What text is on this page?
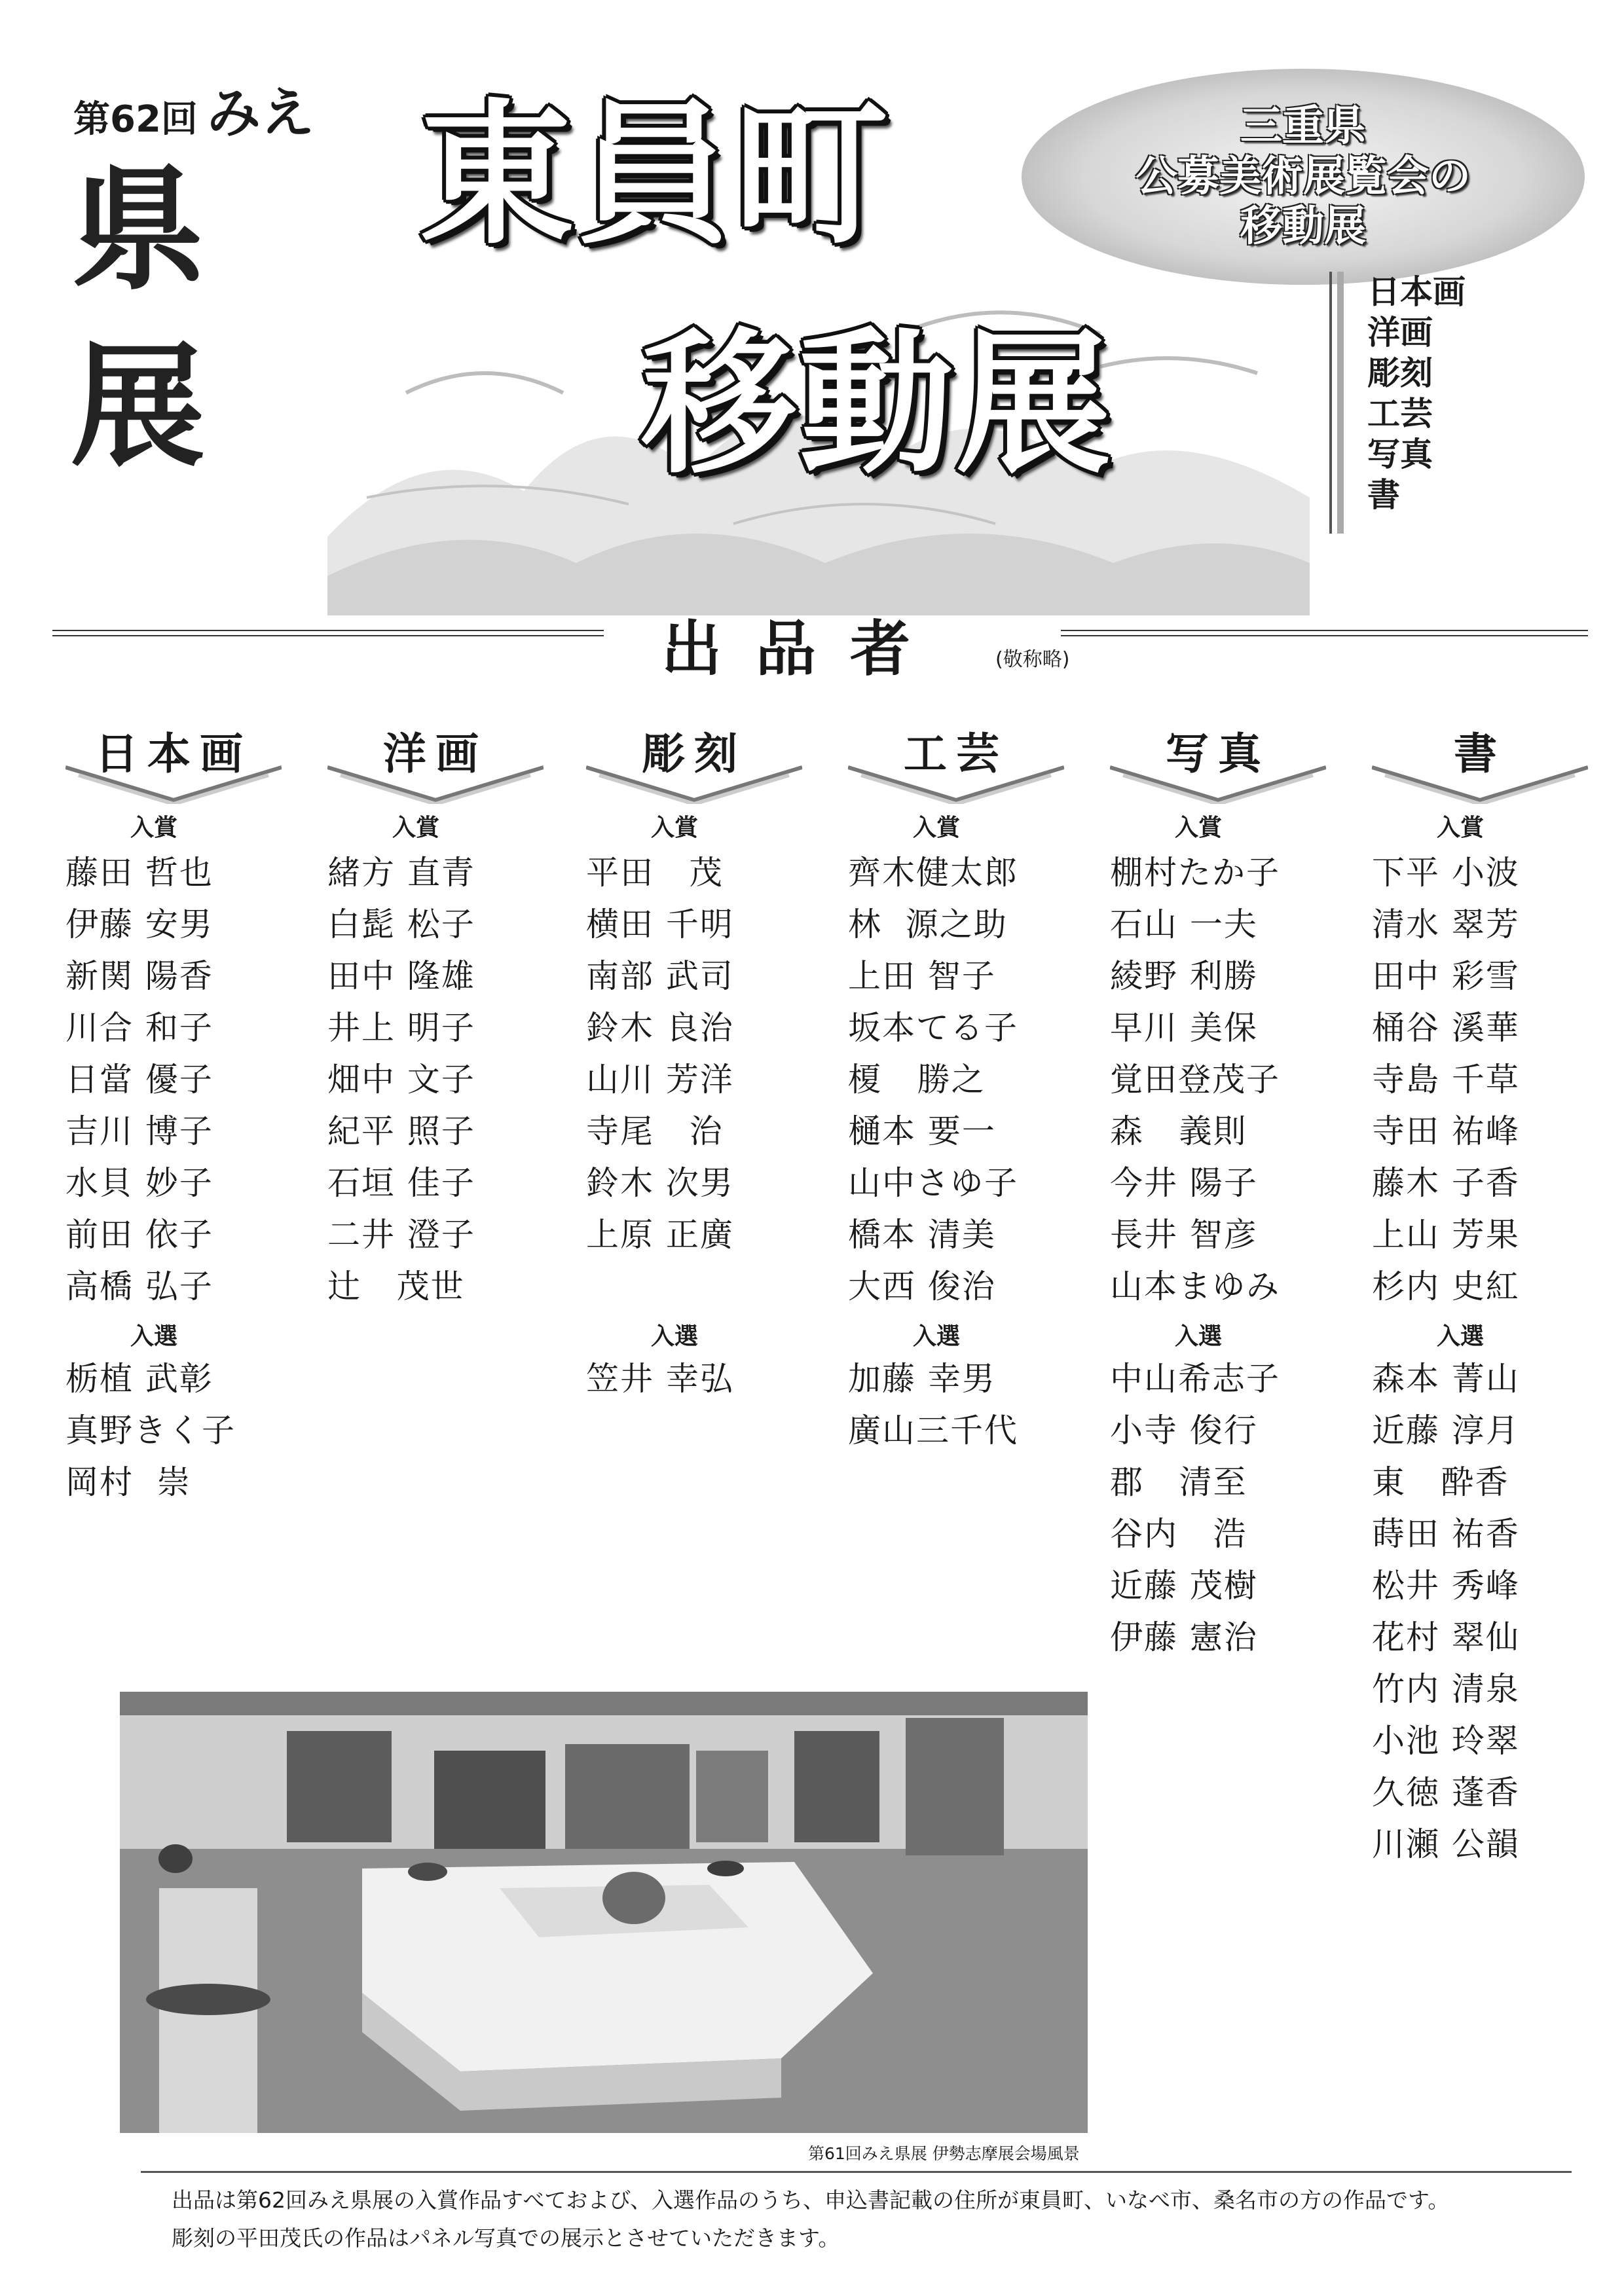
第62回 みえ
県
展
東員町
移動展
三重県
公募美術展覧会の
移動展
日本画
洋画
彫刻
工芸
写真
書
出品者	(敬称略)
日本画
入賞
藤田 哲也
伊藤 安男
新関 陽香
川合 和子
日當 優子
吉川 博子
水貝 妙子
前田 依子
高橋 弘子
入選
栃植 武彰
真野きく子
岡村  崇
洋画
入賞
緒方 直青
白髭 松子
田中 隆雄
井上 明子
畑中 文子
紀平 照子
石垣 佳子
二井 澄子
辻   茂世
彫刻
入賞
平田   茂
横田 千明
南部 武司
鈴木 良治
山川 芳洋
寺尾   治
鈴木 次男
上原 正廣
入選
笠井 幸弘
工芸
入賞
齊木健太郎
林  源之助
上田 智子
坂本てる子
榎   勝之
樋本 要一
山中さゆ子
橋本 清美
大西 俊治
入選
加藤 幸男
廣山三千代
写真
入賞
棚村たか子
石山 一夫
綾野 利勝
早川 美保
覚田登茂子
森   義則
今井 陽子
長井 智彦
山本まゆみ
入選
中山希志子
小寺 俊行
郡   清至
谷内   浩
近藤 茂樹
伊藤 憲治
書
入賞
下平 小波
清水 翠芳
田中 彩雪
桶谷 溪華
寺島 千草
寺田 祐峰
藤木 子香
上山 芳果
杉内 史紅
入選
森本 菁山
近藤 淳月
東   酔香
蒔田 祐香
松井 秀峰
花村 翠仙
竹内 清泉
小池 玲翠
久徳 蓬香
川瀬 公韻
第61回みえ県展 伊勢志摩展会場風景
出品は第62回みえ県展の入賞作品すべておよび、入選作品のうち、申込書記載の住所が東員町、いなべ市、桑名市の方の作品です。
彫刻の平田茂氏の作品はパネル写真での展示とさせていただきます。
